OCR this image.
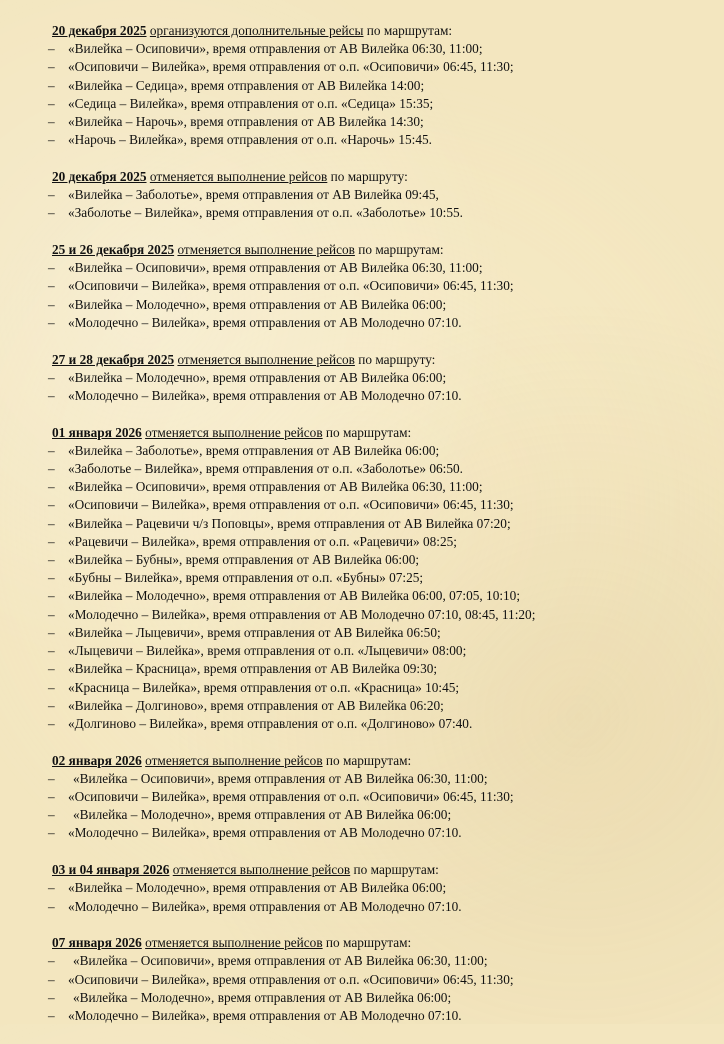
20 декабря 2025 организуются дополнительные рейсы по маршрутам:
– «Вилейка – Осиповичи», время отправления от АВ Вилейка 06:30, 11:00;
– «Осиповичи – Вилейка», время отправления от о.п. «Осиповичи» 06:45, 11:30;
– «Вилейка – Седица», время отправления от АВ Вилейка 14:00;
– «Седица – Вилейка», время отправления от о.п. «Седица» 15:35;
– «Вилейка – Нарочь», время отправления от АВ Вилейка 14:30;
– «Нарочь – Вилейка», время отправления от о.п. «Нарочь» 15:45.
20 декабря 2025 отменяется выполнение рейсов по маршруту:
– «Вилейка – Заболотье», время отправления от АВ Вилейка 09:45,
– «Заболотье – Вилейка», время отправления от о.п. «Заболотье» 10:55.
25 и 26 декабря 2025 отменяется выполнение рейсов по маршрутам:
– «Вилейка – Осиповичи», время отправления от АВ Вилейка 06:30, 11:00;
– «Осиповичи – Вилейка», время отправления от о.п. «Осиповичи» 06:45, 11:30;
– «Вилейка – Молодечно», время отправления от АВ Вилейка 06:00;
– «Молодечно – Вилейка», время отправления от АВ Молодечно 07:10.
27 и 28 декабря 2025 отменяется выполнение рейсов по маршруту:
– «Вилейка – Молодечно», время отправления от АВ Вилейка 06:00;
– «Молодечно – Вилейка», время отправления от АВ Молодечно 07:10.
01 января 2026 отменяется выполнение рейсов по маршрутам:
– «Вилейка – Заболотье», время отправления от АВ Вилейка 06:00;
– «Заболотье – Вилейка», время отправления от о.п. «Заболотье» 06:50.
– «Вилейка – Осиповичи», время отправления от АВ Вилейка 06:30, 11:00;
– «Осиповичи – Вилейка», время отправления от о.п. «Осиповичи» 06:45, 11:30;
– «Вилейка – Рацевичи ч/з Поповцы», время отправления от АВ Вилейка 07:20;
– «Рацевичи – Вилейка», время отправления от о.п. «Рацевичи» 08:25;
– «Вилейка – Бубны», время отправления от АВ Вилейка 06:00;
– «Бубны – Вилейка», время отправления от о.п. «Бубны» 07:25;
– «Вилейка – Молодечно», время отправления от АВ Вилейка 06:00, 07:05, 10:10;
– «Молодечно – Вилейка», время отправления от АВ Молодечно 07:10, 08:45, 11:20;
– «Вилейка – Лыцевичи», время отправления от АВ Вилейка 06:50;
– «Лыцевичи – Вилейка», время отправления от о.п. «Лыцевичи» 08:00;
– «Вилейка – Красница», время отправления от АВ Вилейка 09:30;
– «Красница – Вилейка», время отправления от о.п. «Красница» 10:45;
– «Вилейка – Долгиново», время отправления от АВ Вилейка 06:20;
– «Долгиново – Вилейка», время отправления от о.п. «Долгиново» 07:40.
02 января 2026 отменяется выполнение рейсов по маршрутам:
– «Вилейка – Осиповичи», время отправления от АВ Вилейка 06:30, 11:00;
– «Осиповичи – Вилейка», время отправления от о.п. «Осиповичи» 06:45, 11:30;
– «Вилейка – Молодечно», время отправления от АВ Вилейка 06:00;
– «Молодечно – Вилейка», время отправления от АВ Молодечно 07:10.
03 и 04 января 2026 отменяется выполнение рейсов по маршрутам:
– «Вилейка – Молодечно», время отправления от АВ Вилейка 06:00;
– «Молодечно – Вилейка», время отправления от АВ Молодечно 07:10.
07 января 2026 отменяется выполнение рейсов по маршрутам:
– «Вилейка – Осиповичи», время отправления от АВ Вилейка 06:30, 11:00;
– «Осиповичи – Вилейка», время отправления от о.п. «Осиповичи» 06:45, 11:30;
– «Вилейка – Молодечно», время отправления от АВ Вилейка 06:00;
– «Молодечно – Вилейка», время отправления от АВ Молодечно 07:10.
